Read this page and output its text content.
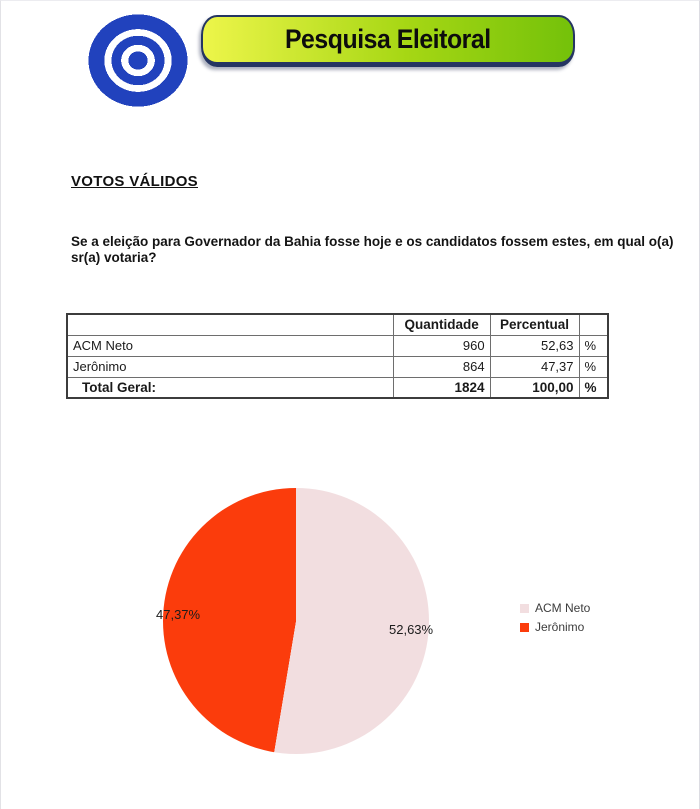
Pesquisa Eleitoral
VOTOS VÁLIDOS
Se a eleição para Governador da Bahia fosse hoje e os candidatos fossem estes, em qual o(a) sr(a) votaria?
	Quantidade	Percentual	
ACM Neto	960	52,63	%
Jerônimo	864	47,37	%
Total Geral:	1824	100,00	%
52,63%
47,37%	ACM Neto
Jerônimo
